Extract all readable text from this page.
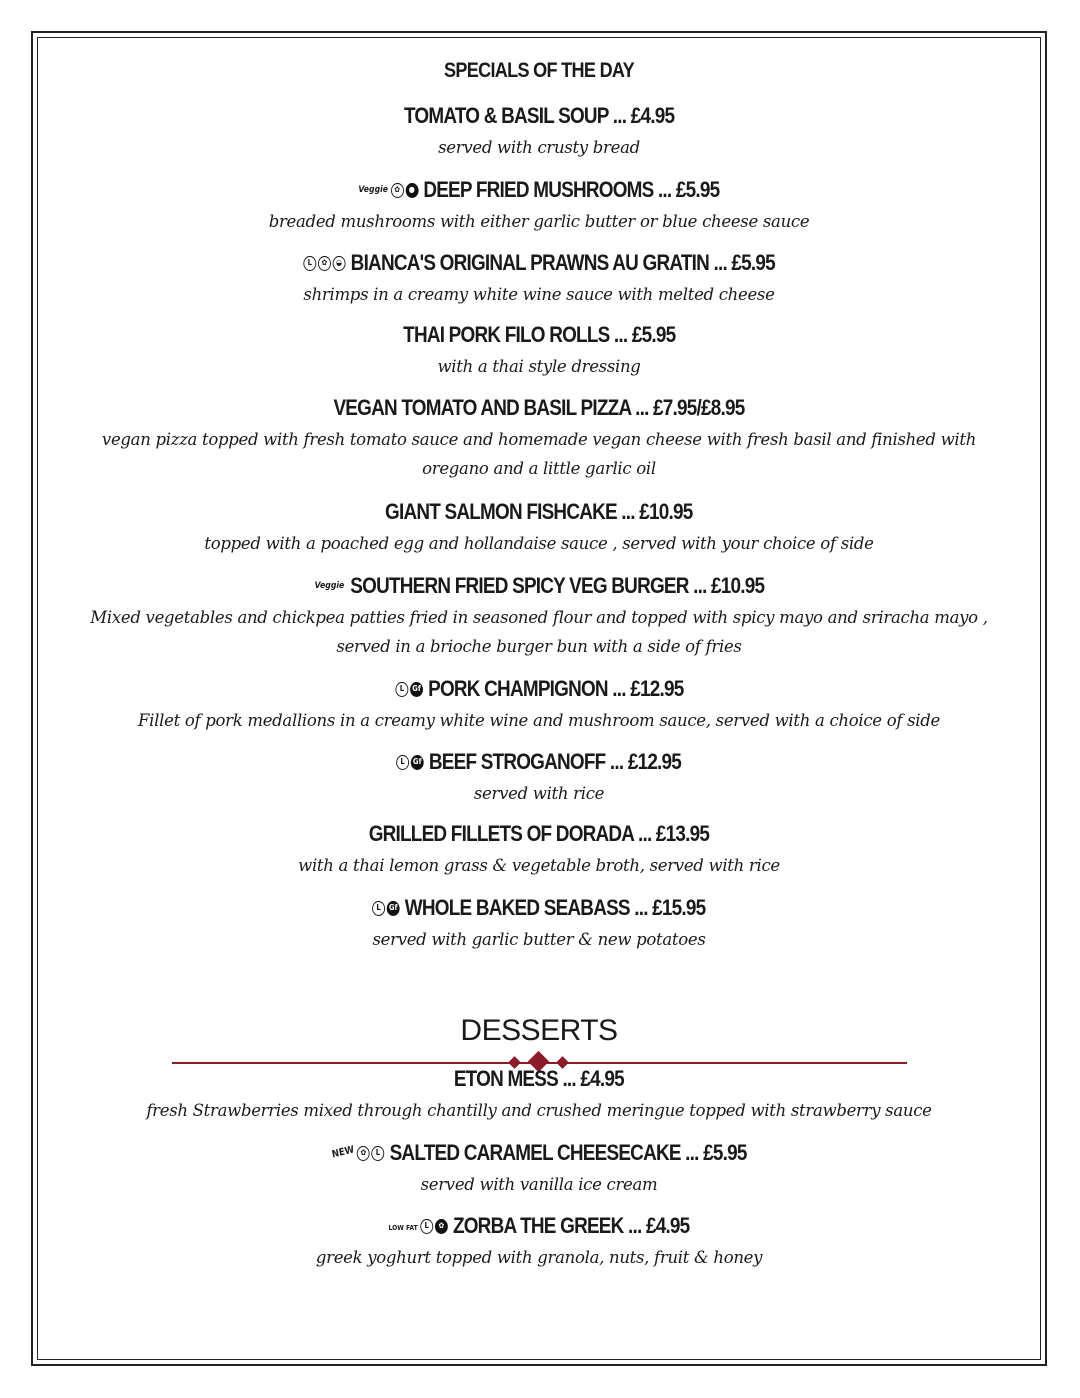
SPECIALS OF THE DAY
TOMATO & BASIL SOUP ... £4.95
served with crusty bread
Veggie ✿ ● DEEP FRIED MUSHROOMS ... £5.95
breaded mushrooms with either garlic butter or blue cheese sauce
L ✿ ◒ BIANCA'S ORIGINAL PRAWNS AU GRATIN ... £5.95
shrimps in a creamy white wine sauce with melted cheese
THAI PORK FILO ROLLS ... £5.95
with a thai style dressing
VEGAN TOMATO AND BASIL PIZZA ... £7.95/£8.95
vegan pizza topped with fresh tomato sauce and homemade vegan cheese with fresh basil and finished with oregano and a little garlic oil
GIANT SALMON FISHCAKE ... £10.95
topped with a poached egg and hollandaise sauce , served with your choice of side
Veggie SOUTHERN FRIED SPICY VEG BURGER ... £10.95
Mixed vegetables and chickpea patties fried in seasoned flour and topped with spicy mayo and sriracha mayo , served in a brioche burger bun with a side of fries
L Gf PORK CHAMPIGNON ... £12.95
Fillet of pork medallions in a creamy white wine and mushroom sauce, served with a choice of side
L Gf BEEF STROGANOFF ... £12.95
served with rice
GRILLED FILLETS OF DORADA ... £13.95
with a thai lemon grass & vegetable broth, served with rice
L Gf WHOLE BAKED SEABASS ... £15.95
served with garlic butter & new potatoes
DESSERTS
ETON MESS ... £4.95
fresh Strawberries mixed through chantilly and crushed meringue topped with strawberry sauce
NEW ✿ L SALTED CARAMEL CHEESECAKE ... £5.95
served with vanilla ice cream
LOW FAT L ✿ ZORBA THE GREEK ... £4.95
greek yoghurt topped with granola, nuts, fruit & honey
